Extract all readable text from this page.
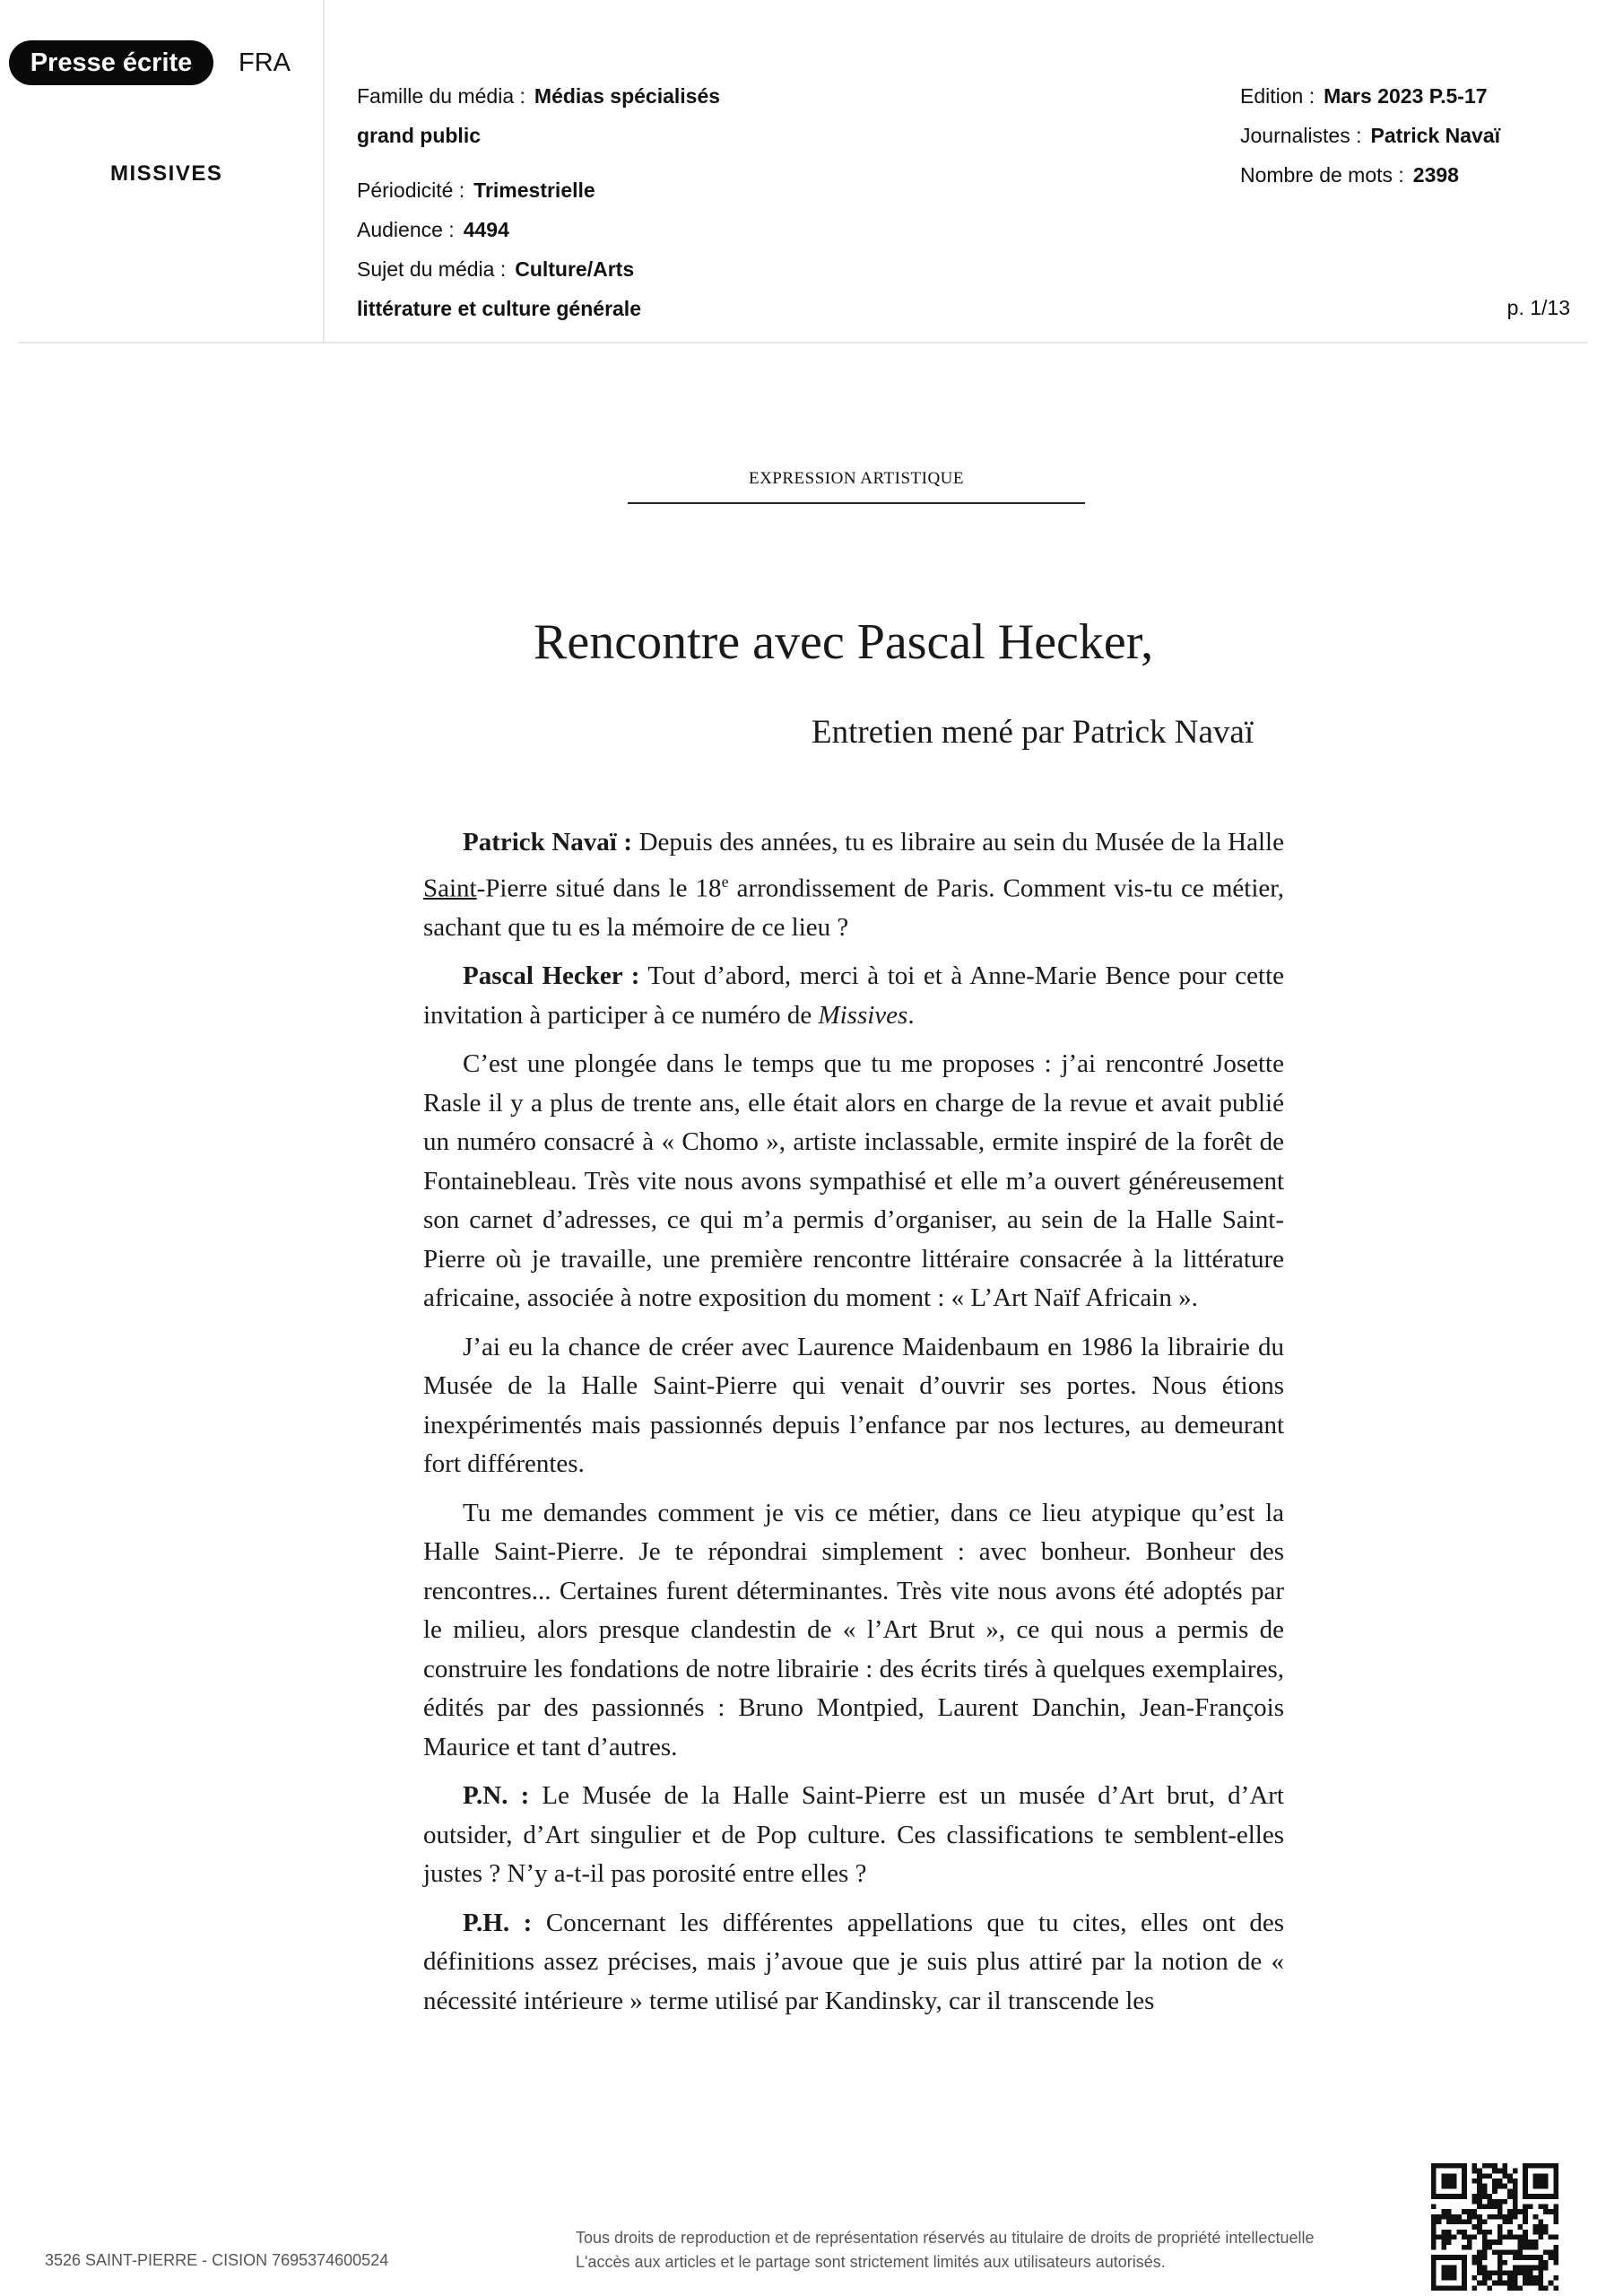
Presse écrite	FRA
MISSIVES
Famille du média : Médias spécialisés
grand public
Périodicité : Trimestrielle
Audience : 4494
Sujet du média : Culture/Arts
littérature et culture générale
Edition : Mars 2023 P.5-17
Journalistes : Patrick Navaï
Nombre de mots : 2398
p. 1/13
EXPRESSION ARTISTIQUE
Rencontre avec Pascal Hecker,
Entretien mené par Patrick Navaï

Patrick Navaï : Depuis des années, tu es libraire au sein du Musée de la Halle Saint-Pierre situé dans le 18e arrondissement de Paris. Comment vis-tu ce métier, sachant que tu es la mémoire de ce lieu ?

Pascal Hecker : Tout d’abord, merci à toi et à Anne-Marie Bence pour cette invitation à participer à ce numéro de Missives.

C’est une plongée dans le temps que tu me proposes : j’ai rencontré Josette Rasle il y a plus de trente ans, elle était alors en charge de la revue et avait publié un numéro consacré à « Chomo », artiste inclassable, ermite inspiré de la forêt de Fontainebleau. Très vite nous avons sympathisé et elle m’a ouvert généreusement son carnet d’adresses, ce qui m’a permis d’organiser, au sein de la Halle Saint-Pierre où je travaille, une première rencontre littéraire consacrée à la littérature africaine, associée à notre exposition du moment : « L’Art Naïf Africain ».

J’ai eu la chance de créer avec Laurence Maidenbaum en 1986 la librairie du Musée de la Halle Saint-Pierre qui venait d’ouvrir ses portes. Nous étions inexpérimentés mais passionnés depuis l’enfance par nos lectures, au demeurant fort différentes.

Tu me demandes comment je vis ce métier, dans ce lieu atypique qu’est la Halle Saint-Pierre. Je te répondrai simplement : avec bonheur. Bonheur des rencontres... Certaines furent déterminantes. Très vite nous avons été adoptés par le milieu, alors presque clandestin de « l’Art Brut », ce qui nous a permis de construire les fondations de notre librairie : des écrits tirés à quelques exemplaires, édités par des passionnés : Bruno Montpied, Laurent Danchin, Jean-François Maurice et tant d’autres.

P.N. : Le Musée de la Halle Saint-Pierre est un musée d’Art brut, d’Art outsider, d’Art singulier et de Pop culture. Ces classifications te semblent-elles justes ? N’y a-t-il pas porosité entre elles ?

P.H. : Concernant les différentes appellations que tu cites, elles ont des définitions assez précises, mais j’avoue que je suis plus attiré par la notion de « nécessité intérieure » terme utilisé par Kandinsky, car il transcende les

3526 SAINT-PIERRE - CISION 7695374600524
Tous droits de reproduction et de représentation réservés au titulaire de droits de propriété intellectuelle
L'accès aux articles et le partage sont strictement limités aux utilisateurs autorisés.
